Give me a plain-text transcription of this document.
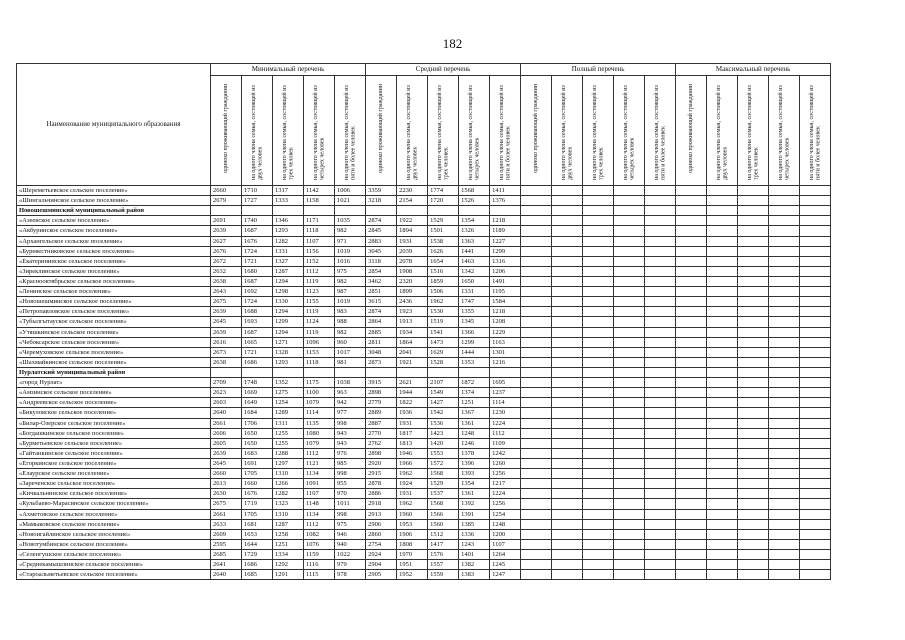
182
Наименование муниципального образования	Минимальный перечень					Средний перечень					Полный перечень					Максимальный перечень				
	одиноко проживающий гражданин	на одного члена семьи, состоящей из двух человек	на одного члена семьи, состоящей из трех человек	на одного члена семьи, состоящей из четырех человек	на одного члена семьи, состоящей из пяти и более человек	одиноко проживающий гражданин	на одного члена семьи, состоящей из двух человек	на одного члена семьи, состоящей из трех человек	на одного члена семьи, состоящей из четырех человек	на одного члена семьи, состоящей из пяти и более человек	одиноко проживающий гражданин	на одного члена семьи, состоящей из двух человек	на одного члена семьи, состоящей из трех человек	на одного члена семьи, состоящей из четырех человек	на одного члена семьи, состоящей из пяти и более человек	одиноко проживающий гражданин	на одного члена семьи, состоящей из двух человек	на одного члена семьи, состоящей из трех человек	на одного члена семьи, состоящей из четырех человек	на одного члена семьи, состоящей из пяти и более человек
«Шереметьевское сельское поселение»	2660	1710	1317	1142	1006	3359	2230	1774	1568	1411										
«Шингальчинское сельское поселение»	2679	1727	1333	1158	1021	3218	2154	1720	1526	1376										
Новошешминский муниципальный район																				
«Азеевское сельское поселение»	2691	1740	1346	1171	1035	2874	1922	1529	1354	1218										
«Акбуринское сельское поселение»	2639	1687	1293	1118	982	2845	1894	1501	1326	1189										
«Архангельское сельское поселение»	2627	1676	1282	1107	971	2883	1931	1538	1363	1227										
«Буревестниковское сельское поселение»	2676	1724	1331	1156	1019	3045	2039	1626	1441	1299										
«Екатерининское сельское поселение»	2672	1721	1327	1152	1016	3118	2078	1654	1463	1316										
«Зиреклинское сельское поселение»	2632	1680	1287	1112	975	2854	1908	1516	1342	1206										
«Краснооктябрьское сельское поселение»	2638	1687	1294	1119	982	3462	2320	1859	1650	1491										
«Ленинское сельское поселение»	2643	1692	1298	1123	987	2851	1899	1506	1331	1195										
«Новошешминское сельское поселение»	2675	1724	1330	1155	1019	3615	2436	1962	1747	1584										
«Петропавловское сельское поселение»	2639	1688	1294	1119	983	2874	1923	1530	1355	1218										
«Тубылгытауское сельское поселение»	2645	1693	1299	1124	988	2864	1913	1519	1345	1208										
«Утяшкинское сельское поселение»	2639	1687	1294	1119	982	2885	1934	1541	1366	1229										
«Чебоксарское сельское поселение»	2616	1665	1271	1096	960	2811	1864	1473	1299	1163										
«Черемуховское сельское поселение»	2673	1721	1328	1153	1017	3048	2041	1629	1444	1301										
«Шахмайкинское сельское поселение»	2638	1686	1293	1118	981	2873	1921	1528	1353	1216										
Нурлатский муниципальный район																				
«город Нурлат»	2709	1748	1352	1175	1038	3915	2621	2107	1872	1695										
«Амзинское сельское поселение»	2623	1669	1275	1100	963	2898	1944	1549	1374	1237										
«Андреевское сельское поселение»	2603	1649	1254	1079	942	2779	1822	1427	1251	1114										
«Бикуловское сельское поселение»	2640	1684	1289	1114	977	2889	1936	1542	1367	1230										
«Билар-Озерское сельское поселение»	2661	1706	1311	1135	998	2887	1931	1536	1361	1224										
«Богдашкинское сельское поселение»	2606	1650	1255	1080	943	2770	1817	1423	1248	1112										
«Бурметьевское сельское поселение»	2605	1650	1255	1079	943	2762	1813	1420	1246	1109										
«Гайтанкинское сельское поселение»	2639	1683	1288	1112	976	2898	1946	1553	1378	1242										
«Егоркинское сельское поселение»	2645	1691	1297	1121	985	2920	1966	1572	1396	1260										
«Елаурское сельское поселение»	2660	1705	1310	1134	998	2915	1962	1568	1393	1256										
«Зареченское сельское поселение»	2613	1660	1266	1091	955	2878	1924	1529	1354	1217										
«Кичкальнинское сельское поселение»	2630	1676	1282	1107	970	2886	1931	1537	1361	1224										
«Кульбаево-Марасинское сельское поселение»	2675	1719	1323	1148	1011	2918	1962	1568	1392	1256										
«Ахметовское сельское поселение»	2661	1705	1310	1134	998	2913	1960	1566	1391	1254										
«Мамыковское сельское поселение»	2633	1681	1287	1112	975	2906	1953	1560	1385	1248										
«Новоигайлинское сельское поселение»	2609	1653	1258	1082	946	2860	1906	1512	1336	1200										
«Новотумбинское сельское поселение»	2595	1644	1251	1076	940	2754	1808	1417	1243	1107										
«Селенгушское сельское поселение»	2685	1729	1334	1159	1022	2924	1970	1576	1401	1264										
«Среднекамышлинское сельское поселение»	2641	1686	1292	1116	979	2904	1951	1557	1382	1245										
«Староальметьевское сельское поселение»	2640	1685	1291	1115	978	2905	1952	1559	1383	1247										
